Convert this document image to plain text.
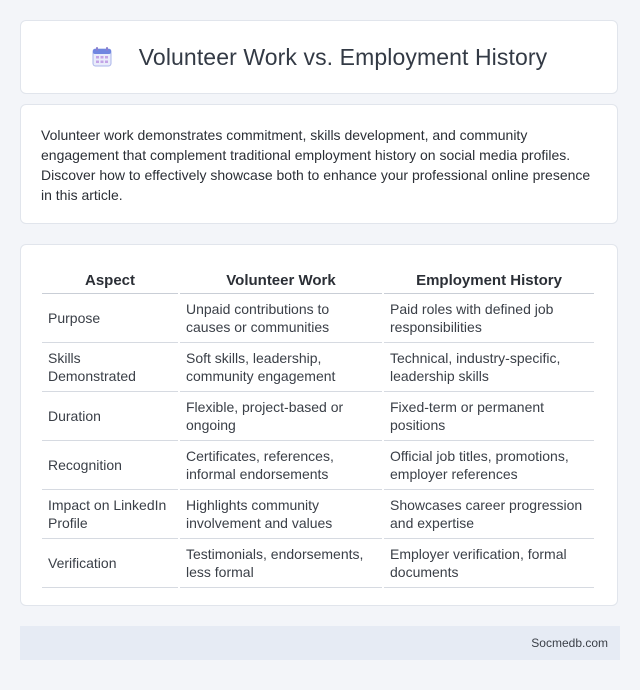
Volunteer Work vs. Employment History

Volunteer work demonstrates commitment, skills development, and community engagement that complement traditional employment history on social media profiles. Discover how to effectively showcase both to enhance your professional online presence in this article.

Aspect	Volunteer Work	Employment History
Purpose	Unpaid contributions to causes or communities	Paid roles with defined job responsibilities
Skills Demonstrated	Soft skills, leadership, community engagement	Technical, industry-specific, leadership skills
Duration	Flexible, project-based or ongoing	Fixed-term or permanent positions
Recognition	Certificates, references, informal endorsements	Official job titles, promotions, employer references
Impact on LinkedIn Profile	Highlights community involvement and values	Showcases career progression and expertise
Verification	Testimonials, endorsements, less formal	Employer verification, formal documents
Socmedb.com
